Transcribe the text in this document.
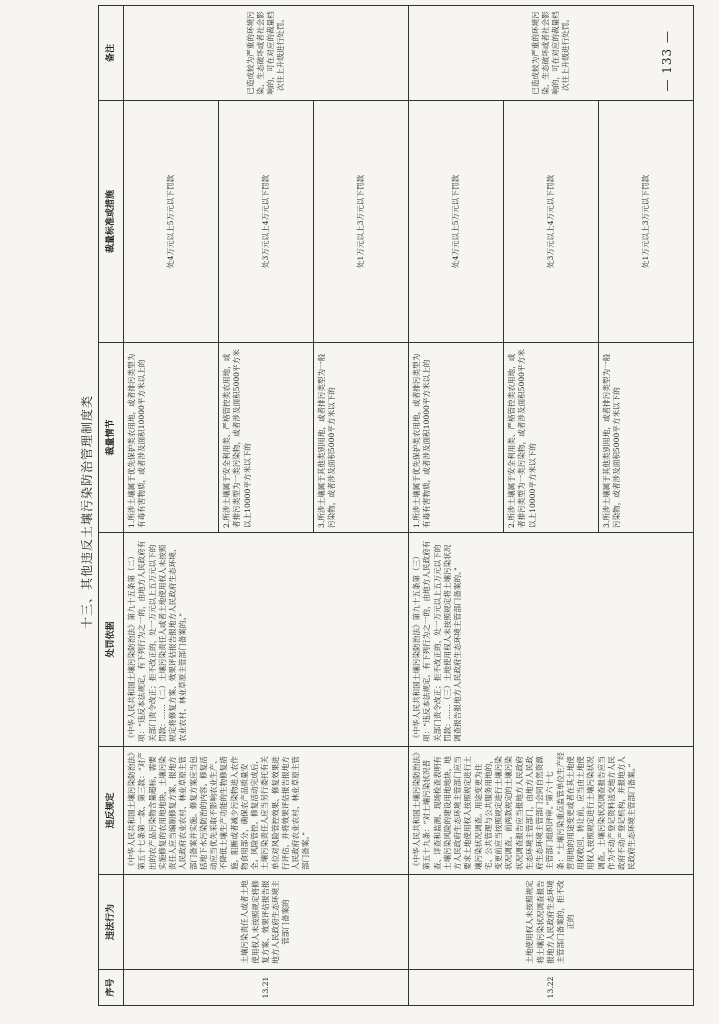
十三、其他违反土壤污染防治管理制度类
序号	违法行为	违反规定	处罚依据	裁量情节	裁量标准或措施	备注
13.21	土壤污染责任人或者土地使用权人未按照规定将修复方案、效果评估报告报地方人民政府生态环境主管部门备案的	《中华人民共和国土壤污染防治法》第五十七条第一款、第三款：“对产出的农产品污染物含量超标，需要实施修复的农用地地块，土壤污染责任人应当编制修复方案，报地方人民政府农业农村、林业草原主管部门备案并实施。修复方案应当包括地下水污染防治的内容。修复活动应当优先采取不影响农业生产、不降低土壤生产功能的生物修复措施，阻断或者减少污染物进入农作物食用部分，确保农产品质量安全。风险管控、修复活动完成后，土壤污染责任人应当另行委托有关单位对风险管控效果、修复效果进行评估，并将效果评估报告报地方人民政府农业农村、林业草原主管部门备案。”	《中华人民共和国土壤污染防治法》第九十五条第（二）项：“违反本法规定，有下列行为之一的，由地方人民政府有关部门责令改正；拒不改正的，处一万元以上五万元以下的罚款：……（二）土壤污染责任人或者土地使用权人未按照规定将修复方案、效果评估报告报地方人民政府生态环境、农业农村、林业草原主管部门备案的。”	1.所涉土壤属于优先保护类农用地，或者排污类型为有毒有害物质，或者涉及面积10000平方米以上的	处4万元以上5万元以下罚款	已造成较为严重的环境污染、生态破坏或者社会影响的，可在对应的裁量档次往上升级进行处罚。
				2.所涉土壤属于安全利用类、严格管控类农用地，或者排污类型为一类污染物，或者涉及面积5000平方米以上10000平方米以下的	处3万元以上4万元以下罚款	
				3.所涉土壤属于其他类别用地，或者排污类型为一般污染物，或者涉及面积5000平方米以下的	处1万元以上3万元以下罚款	
13.22	土地使用权人未按照规定将土壤污染状况调查报告报地方人民政府生态环境主管部门备案的，拒不改正的	《中华人民共和国土壤污染防治法》第五十九条：“对土壤污染状况普查、详查和监测、现场检查表明有土壤污染风险的建设用地地块，地方人民政府生态环境主管部门应当要求土地使用权人按照规定进行土壤污染状况调查。用途变更为住宅、公共管理与公共服务用地的，变更前应当按照规定进行土壤污染状况调查。前两款规定的土壤污染状况调查报告应当报地方人民政府生态环境主管部门，由地方人民政府生态环境主管部门会同自然资源主管部门组织评审。”第六十七条：“土壤污染重点监管单位生产经营用地的用途变更或者在其土地使用权收回、转让前，应当由土地使用权人按照规定进行土壤污染状况调查。土壤污染状况调查报告应当作为不动产登记资料送交地方人民政府不动产登记机构，并报地方人民政府生态环境主管部门备案。”	《中华人民共和国土壤污染防治法》第九十五条第（三）项：“违反本法规定，有下列行为之一的，由地方人民政府有关部门责令改正；拒不改正的，处一万元以上五万元以下的罚款：……（三）土地使用权人未按照规定将土壤污染状况调查报告报地方人民政府生态环境主管部门备案的。”	1.所涉土壤属于优先保护类农用地，或者排污类型为有毒有害物质，或者涉及面积10000平方米以上的	处4万元以上5万元以下罚款	已造成较为严重的环境污染、生态破坏或者社会影响的，可在对应的裁量档次往上升级进行处罚。
				2.所涉土壤属于安全利用类、严格管控类农用地，或者排污类型为一类污染物，或者涉及面积5000平方米以上10000平方米以下的	处3万元以上4万元以下罚款	
				3.所涉土壤属于其他类别用地，或者排污类型为一般污染物，或者涉及面积5000平方米以下的	处1万元以上3万元以下罚款	
— 133 —
